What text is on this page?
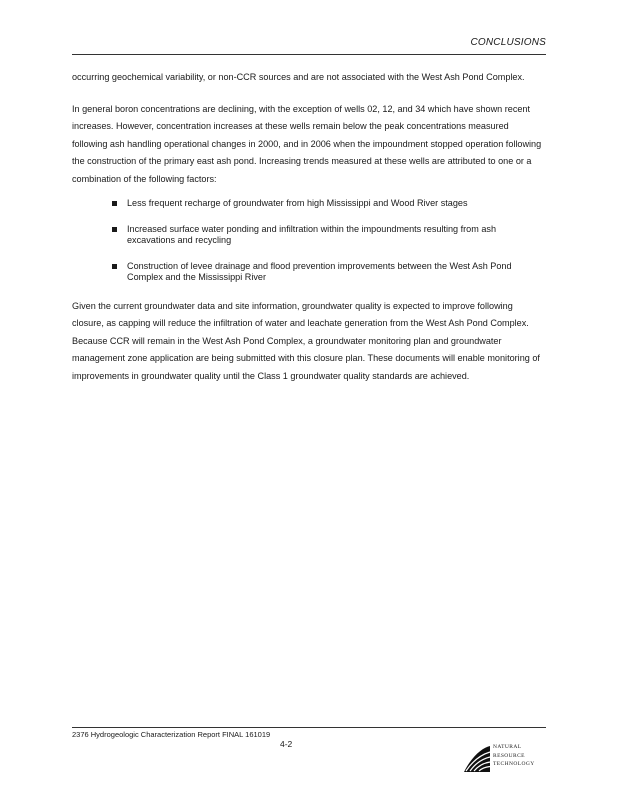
CONCLUSIONS

occurring geochemical variability, or non-CCR sources and are not associated with the West Ash Pond Complex.

In general boron concentrations are declining, with the exception of wells 02, 12, and 34 which have shown recent increases. However, concentration increases at these wells remain below the peak concentrations measured following ash handling operational changes in 2000, and in 2006 when the impoundment stopped operation following the construction of the primary east ash pond. Increasing trends measured at these wells are attributed to one or a combination of the following factors:

Less frequent recharge of groundwater from high Mississippi and Wood River stages
Increased surface water ponding and infiltration within the impoundments resulting from ash excavations and recycling
Construction of levee drainage and flood prevention improvements between the West Ash Pond Complex and the Mississippi River

Given the current groundwater data and site information, groundwater quality is expected to improve following closure, as capping will reduce the infiltration of water and leachate generation from the West Ash Pond Complex. Because CCR will remain in the West Ash Pond Complex, a groundwater monitoring plan and groundwater management zone application are being submitted with this closure plan. These documents will enable monitoring of improvements in groundwater quality until the Class 1 groundwater quality standards are achieved.

2376 Hydrogeologic Characterization Report FINAL 161019
4-2	NATURAL
RESOURCE
TECHNOLOGY
